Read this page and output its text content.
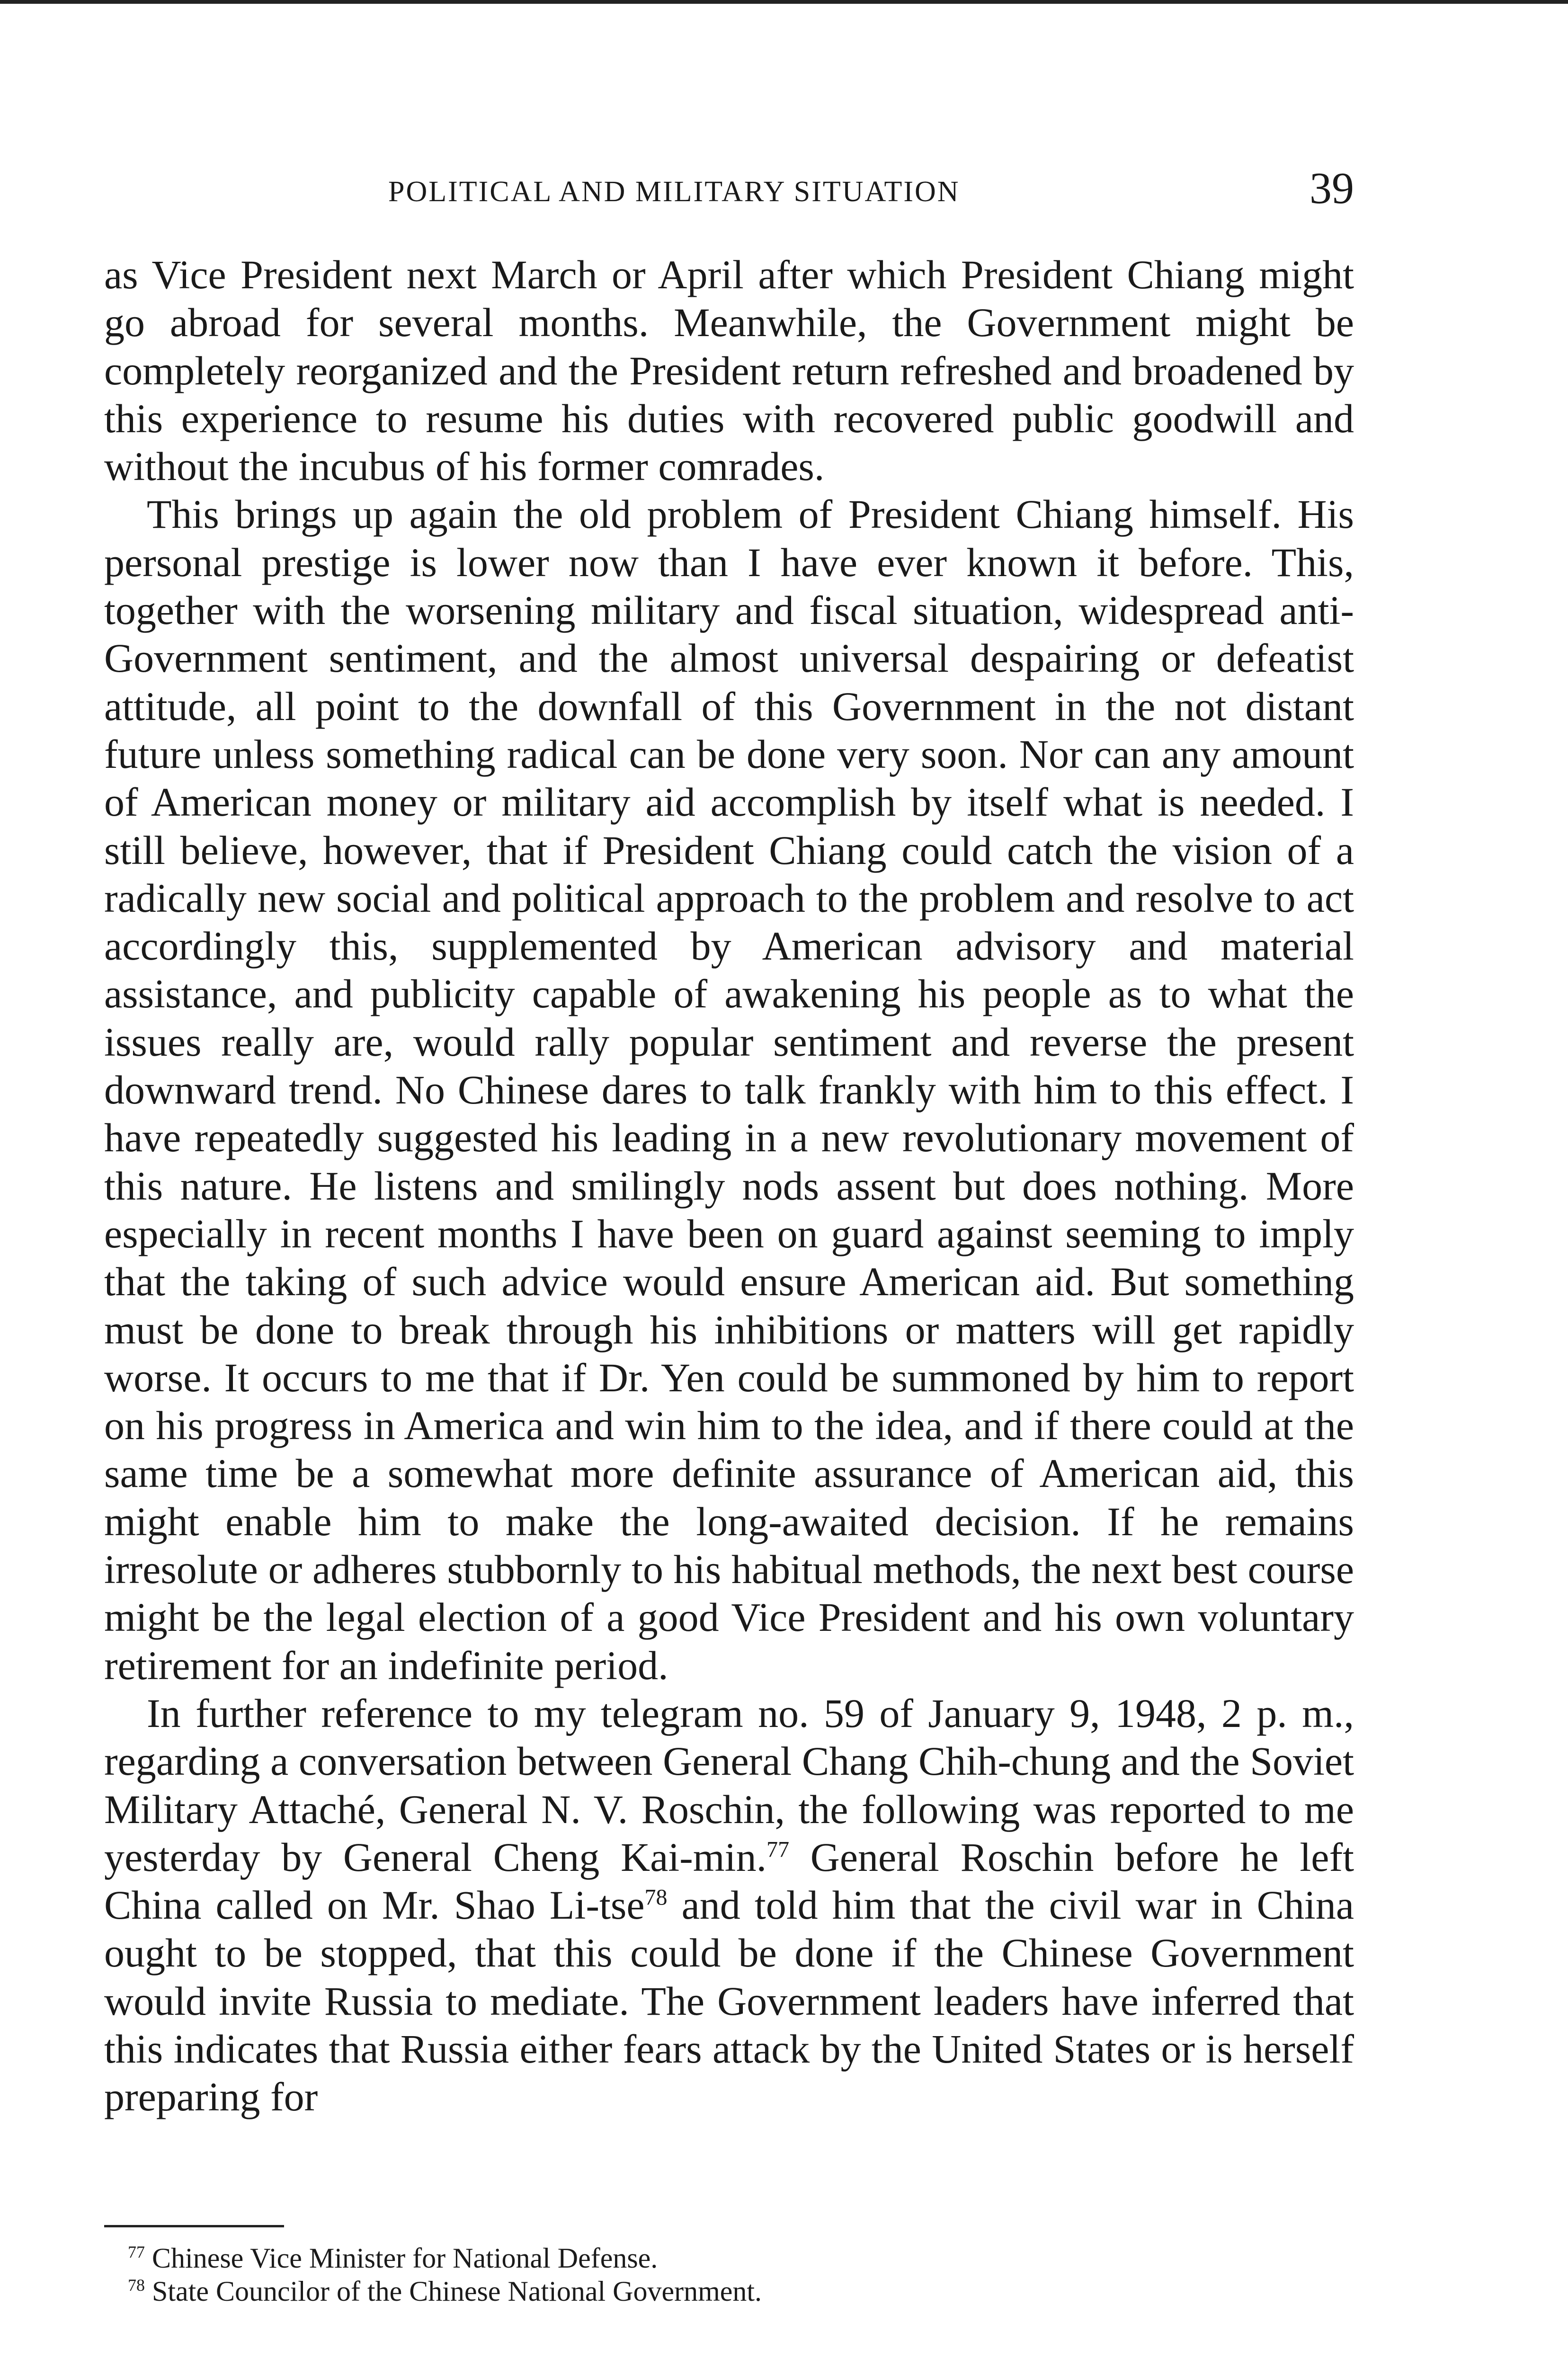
POLITICAL AND MILITARY SITUATION	39

as Vice President next March or April after which President Chiang might go abroad for several months. Meanwhile, the Government might be completely reorganized and the President return refreshed and broadened by this experience to resume his duties with recovered public goodwill and without the incubus of his former comrades.

This brings up again the old problem of President Chiang himself. His personal prestige is lower now than I have ever known it before. This, together with the worsening military and fiscal situation, widespread anti-Government sentiment, and the almost universal despairing or defeatist attitude, all point to the downfall of this Government in the not distant future unless something radical can be done very soon. Nor can any amount of American money or military aid accomplish by itself what is needed. I still believe, however, that if President Chiang could catch the vision of a radically new social and political approach to the problem and resolve to act accordingly this, supplemented by American advisory and material assistance, and publicity capable of awakening his people as to what the issues really are, would rally popular sentiment and reverse the present downward trend. No Chinese dares to talk frankly with him to this effect. I have repeatedly suggested his leading in a new revolutionary movement of this nature. He listens and smilingly nods assent but does nothing. More especially in recent months I have been on guard against seeming to imply that the taking of such advice would ensure American aid. But something must be done to break through his inhibitions or matters will get rapidly worse. It occurs to me that if Dr. Yen could be summoned by him to report on his progress in America and win him to the idea, and if there could at the same time be a somewhat more definite assurance of American aid, this might enable him to make the long-awaited decision. If he remains irresolute or adheres stubbornly to his habitual methods, the next best course might be the legal election of a good Vice President and his own voluntary retirement for an indefinite period.

In further reference to my telegram no. 59 of January 9, 1948, 2 p. m., regarding a conversation between General Chang Chih-chung and the Soviet Military Attaché, General N. V. Roschin, the following was reported to me yesterday by General Cheng Kai-min.$^{77}$ General Roschin before he left China called on Mr. Shao Li-tse$^{78}$ and told him that the civil war in China ought to be stopped, that this could be done if the Chinese Government would invite Russia to mediate. The Government leaders have inferred that this indicates that Russia either fears attack by the United States or is herself preparing for

$^{77}$ Chinese Vice Minister for National Defense.

$^{78}$ State Councilor of the Chinese National Government.
